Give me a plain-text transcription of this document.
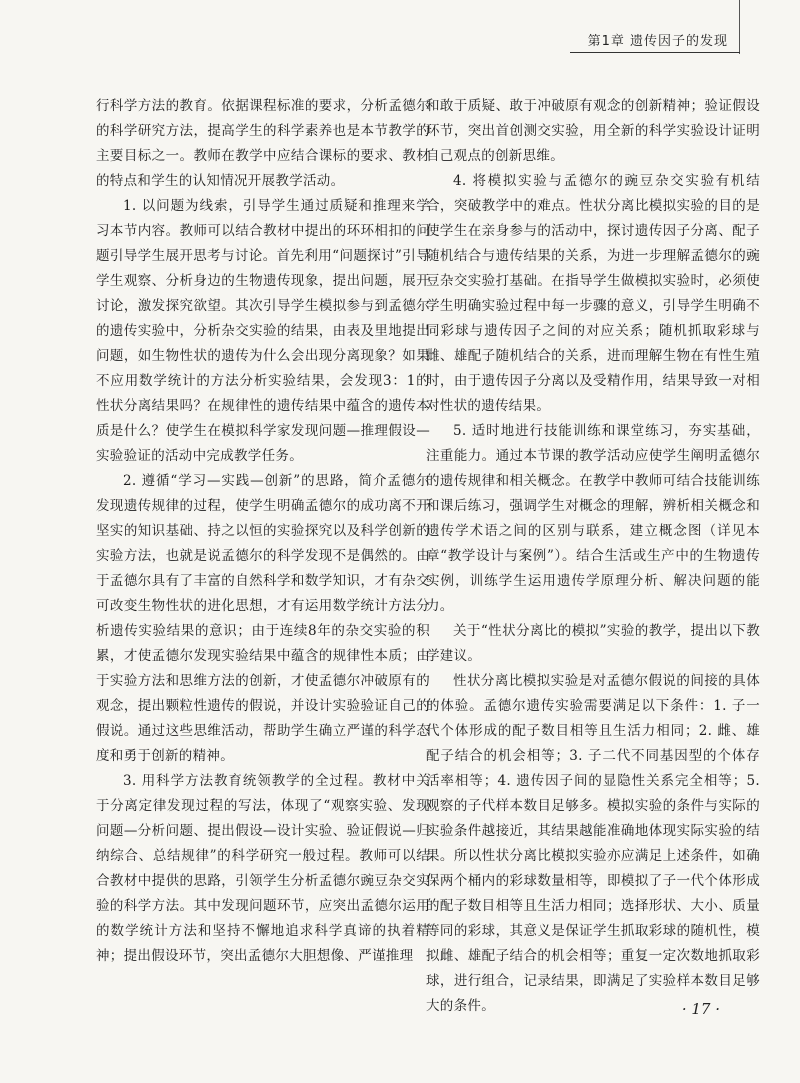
第1章 遗传因子的发现

行科学方法的教育。依据课程标准的要求，分析孟德尔的科学研究方法，提高学生的科学素养也是本节教学的主要目标之一。教师在教学中应结合课标的要求、教材的特点和学生的认知情况开展教学活动。

1. 以问题为线索，引导学生通过质疑和推理来学习本节内容。教师可以结合教材中提出的环环相扣的问题引导学生展开思考与讨论。首先利用“问题探讨”引导学生观察、分析身边的生物遗传现象，提出问题，展开讨论，激发探究欲望。其次引导学生模拟参与到孟德尔的遗传实验中，分析杂交实验的结果，由表及里地提出问题，如生物性状的遗传为什么会出现分离现象？如果不应用数学统计的方法分析实验结果，会发现3：1的性状分离结果吗？在规律性的遗传结果中蕴含的遗传本质是什么？使学生在模拟科学家发现问题—推理假设—实验验证的活动中完成教学任务。

2. 遵循“学习—实践—创新”的思路，简介孟德尔发现遗传规律的过程，使学生明确孟德尔的成功离不开坚实的知识基础、持之以恒的实验探究以及科学创新的实验方法，也就是说孟德尔的科学发现不是偶然的。由于孟德尔具有了丰富的自然科学和数学知识，才有杂交可改变生物性状的进化思想，才有运用数学统计方法分析遗传实验结果的意识；由于连续8年的杂交实验的积累，才使孟德尔发现实验结果中蕴含的规律性本质；由于实验方法和思维方法的创新，才使孟德尔冲破原有的观念，提出颗粒性遗传的假说，并设计实验验证自己的假说。通过这些思维活动，帮助学生确立严谨的科学态度和勇于创新的精神。

3. 用科学方法教育统领教学的全过程。教材中关于分离定律发现过程的写法，体现了“观察实验、发现问题—分析问题、提出假设—设计实验、验证假说—归纳综合、总结规律”的科学研究一般过程。教师可以结合教材中提供的思路，引领学生分析孟德尔豌豆杂交实验的科学方法。其中发现问题环节，应突出孟德尔运用的数学统计方法和坚持不懈地追求科学真谛的执着精神；提出假设环节，突出孟德尔大胆想像、严谨推理

和敢于质疑、敢于冲破原有观念的创新精神；验证假设环节，突出首创测交实验，用全新的科学实验设计证明自己观点的创新思维。

4. 将模拟实验与孟德尔的豌豆杂交实验有机结合，突破教学中的难点。性状分离比模拟实验的目的是使学生在亲身参与的活动中，探讨遗传因子分离、配子随机结合与遗传结果的关系，为进一步理解孟德尔的豌豆杂交实验打基础。在指导学生做模拟实验时，必须使学生明确实验过程中每一步骤的意义，引导学生明确不同彩球与遗传因子之间的对应关系；随机抓取彩球与雌、雄配子随机结合的关系，进而理解生物在有性生殖时，由于遗传因子分离以及受精作用，结果导致一对相对性状的遗传结果。

5. 适时地进行技能训练和课堂练习，夯实基础，注重能力。通过本节课的教学活动应使学生阐明孟德尔的遗传规律和相关概念。在教学中教师可结合技能训练和课后练习，强调学生对概念的理解，辨析相关概念和遗传学术语之间的区别与联系，建立概念图（详见本章“教学设计与案例”）。结合生活或生产中的生物遗传实例，训练学生运用遗传学原理分析、解决问题的能力。

关于“性状分离比的模拟”实验的教学，提出以下教学建议。

性状分离比模拟实验是对孟德尔假说的间接的具体的体验。孟德尔遗传实验需要满足以下条件：1. 子一代个体形成的配子数目相等且生活力相同；2. 雌、雄配子结合的机会相等；3. 子二代不同基因型的个体存活率相等；4. 遗传因子间的显隐性关系完全相等；5. 观察的子代样本数目足够多。模拟实验的条件与实际的实验条件越接近，其结果越能准确地体现实际实验的结果。所以性状分离比模拟实验亦应满足上述条件，如确保两个桶内的彩球数量相等，即模拟了子一代个体形成的配子数目相等且生活力相同；选择形状、大小、质量等同的彩球，其意义是保证学生抓取彩球的随机性，模拟雌、雄配子结合的机会相等；重复一定次数地抓取彩球，进行组合，记录结果，即满足了实验样本数目足够大的条件。	· 17 ·
